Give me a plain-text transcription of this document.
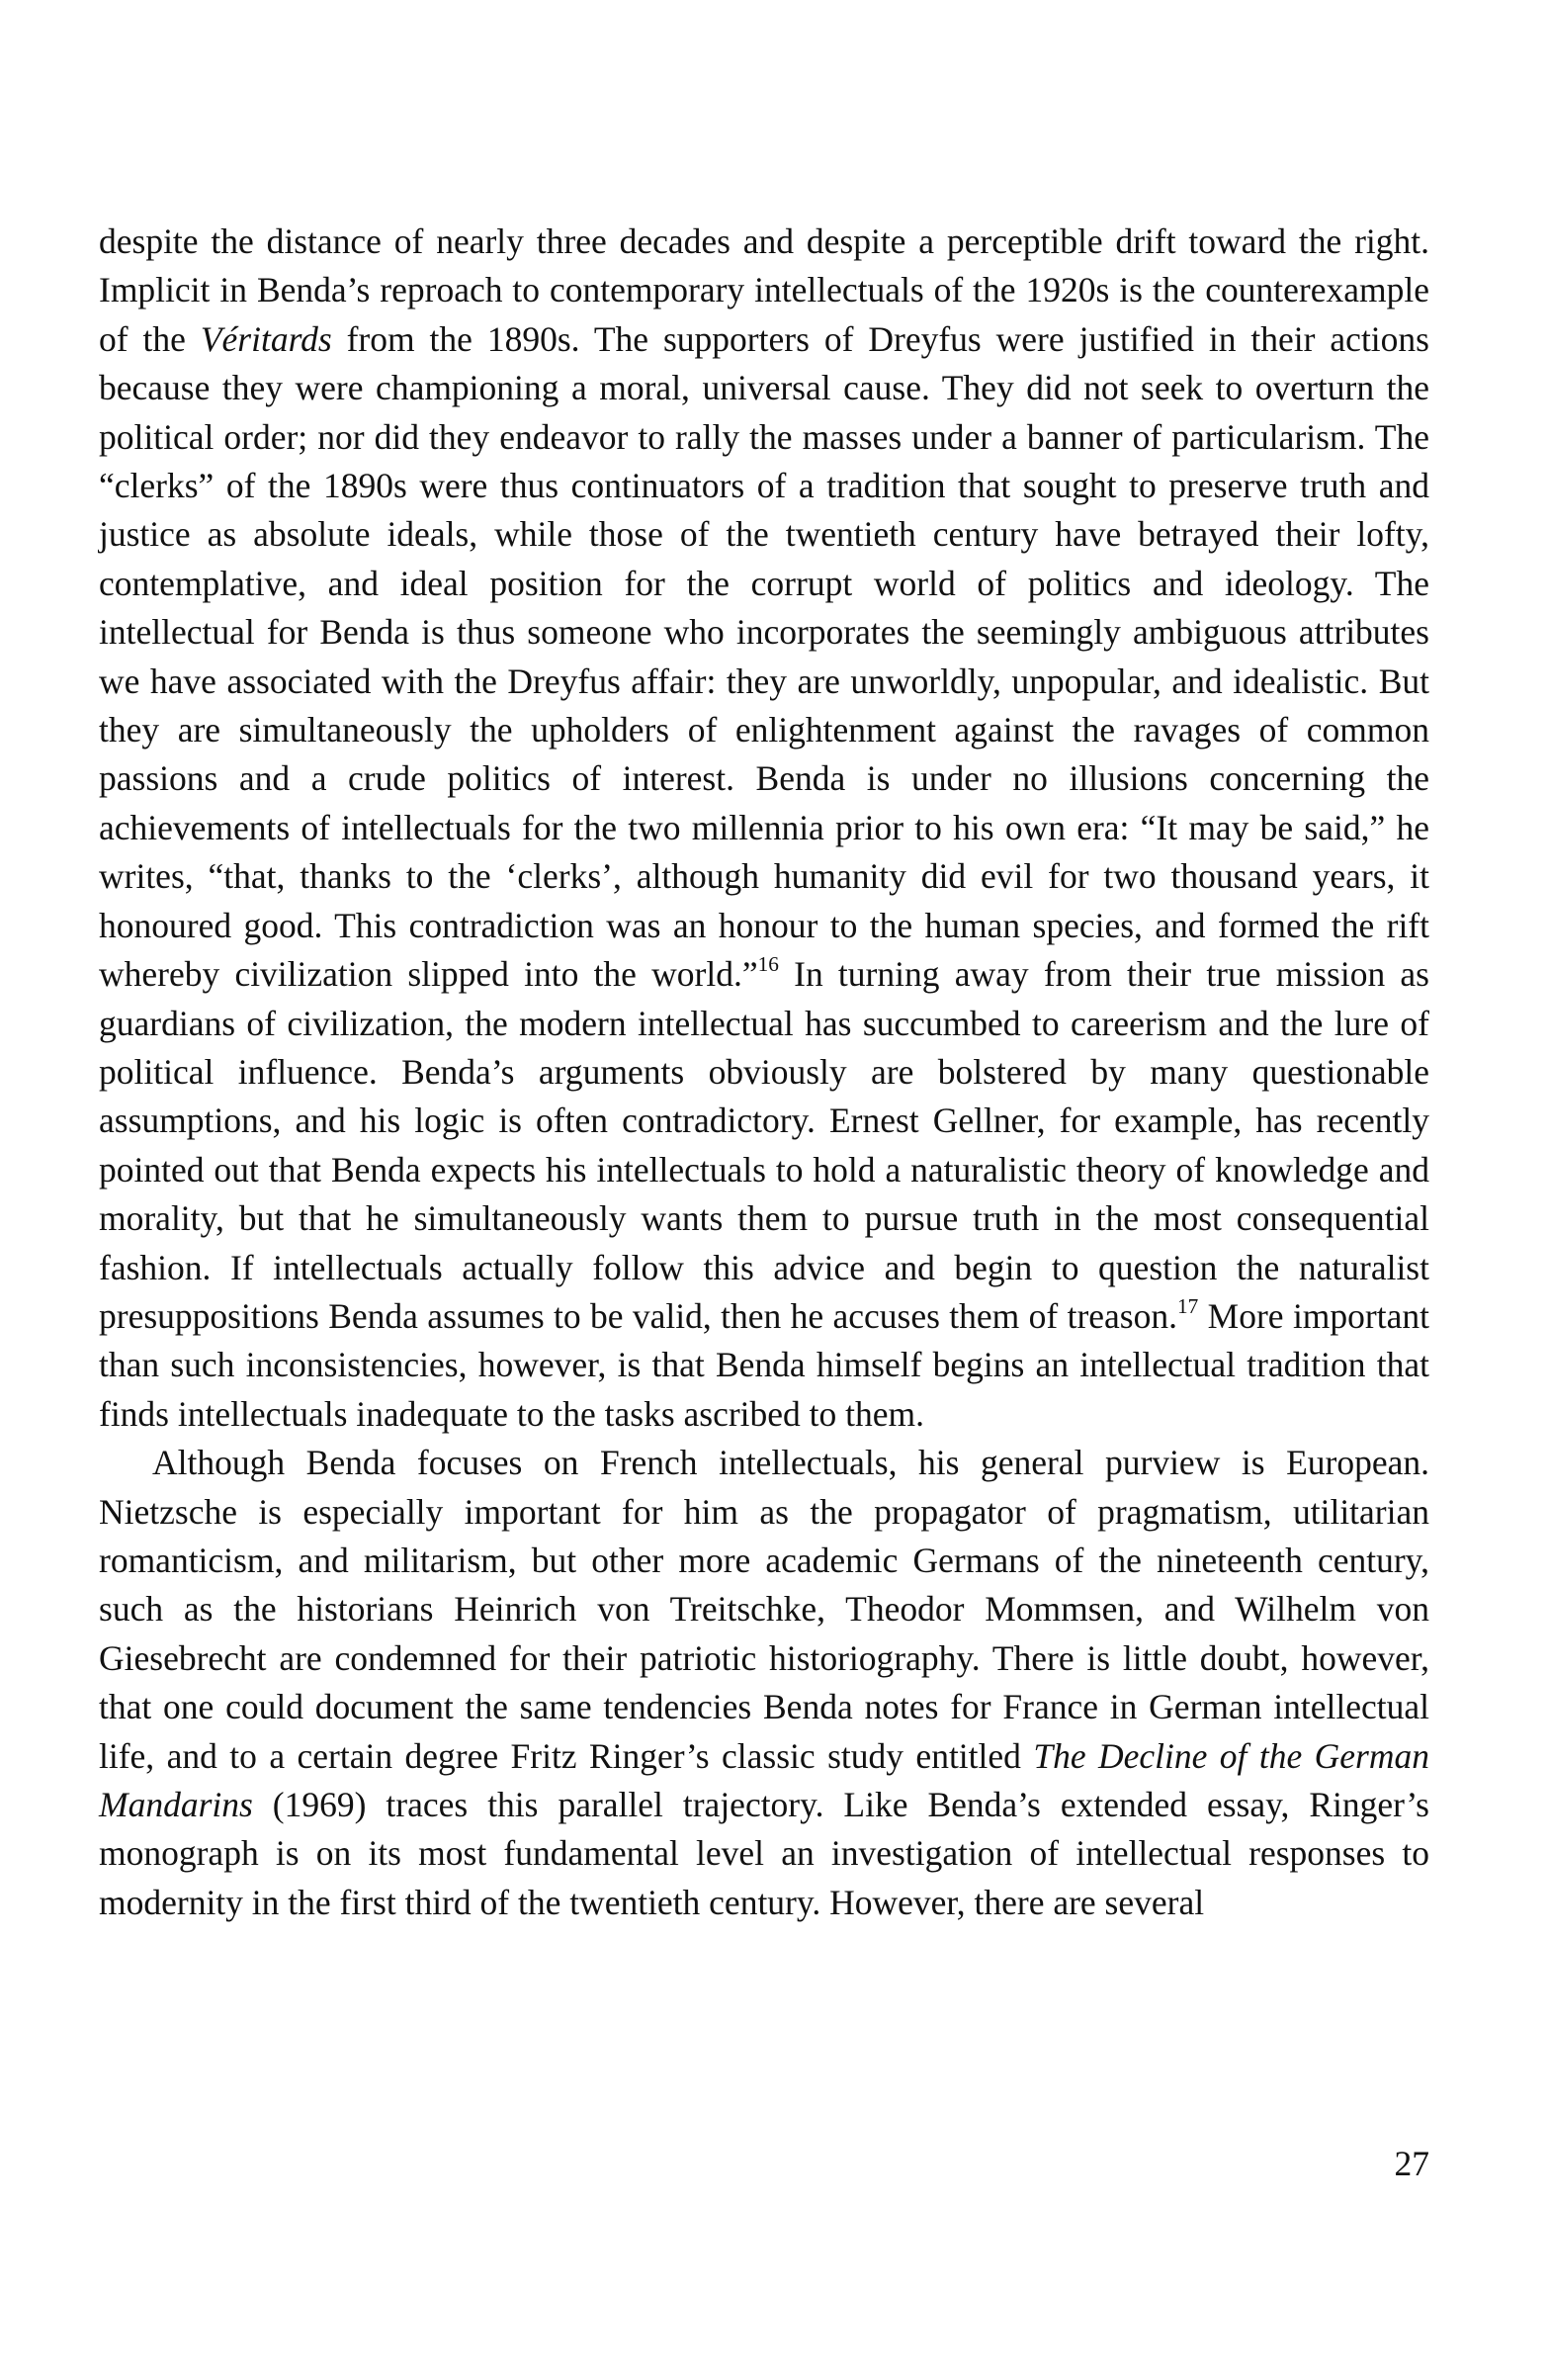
despite the distance of nearly three decades and despite a perceptible drift toward the right. Implicit in Benda’s reproach to contemporary intellectuals of the 1920s is the counterexample of the Véritards from the 1890s. The supporters of Dreyfus were justified in their actions because they were championing a moral, universal cause. They did not seek to overturn the political order; nor did they endeavor to rally the masses under a banner of particularism. The “clerks” of the 1890s were thus continuators of a tradition that sought to preserve truth and justice as absolute ideals, while those of the twentieth century have betrayed their lofty, contemplative, and ideal position for the corrupt world of politics and ideology. The intellectual for Benda is thus someone who incorporates the seemingly ambiguous attributes we have associated with the Dreyfus affair: they are unworldly, unpopular, and idealistic. But they are simultaneously the upholders of enlightenment against the ravages of common passions and a crude politics of interest. Benda is under no illusions concerning the achievements of intellectuals for the two millennia prior to his own era: “It may be said,” he writes, “that, thanks to the ‘clerks’, although humanity did evil for two thousand years, it honoured good. This contradiction was an honour to the human species, and formed the rift whereby civilization slipped into the world.”$^{16}$ In turning away from their true mission as guardians of civilization, the modern intellectual has succumbed to careerism and the lure of political influence. Benda’s arguments obviously are bolstered by many questionable assumptions, and his logic is often contradictory. Ernest Gellner, for example, has recently pointed out that Benda expects his intellectuals to hold a naturalistic theory of knowledge and morality, but that he simultaneously wants them to pursue truth in the most consequential fashion. If intellectuals actually follow this advice and begin to question the naturalist presuppositions Benda assumes to be valid, then he accuses them of treason.$^{17}$ More important than such inconsistencies, however, is that Benda himself begins an intellectual tradition that finds intellectuals inadequate to the tasks ascribed to them.

Although Benda focuses on French intellectuals, his general purview is European. Nietzsche is especially important for him as the propagator of pragmatism, utilitarian romanticism, and militarism, but other more academic Germans of the nineteenth century, such as the historians Heinrich von Treitschke, Theodor Mommsen, and Wilhelm von Giesebrecht are condemned for their patriotic historiography. There is little doubt, however, that one could document the same tendencies Benda notes for France in German intellectual life, and to a certain degree Fritz Ringer’s classic study entitled The Decline of the German Mandarins (1969) traces this parallel trajectory. Like Benda’s extended essay, Ringer’s monograph is on its most fundamental level an investigation of intellectual responses to modernity in the first third of the twentieth century. However, there are several

27
